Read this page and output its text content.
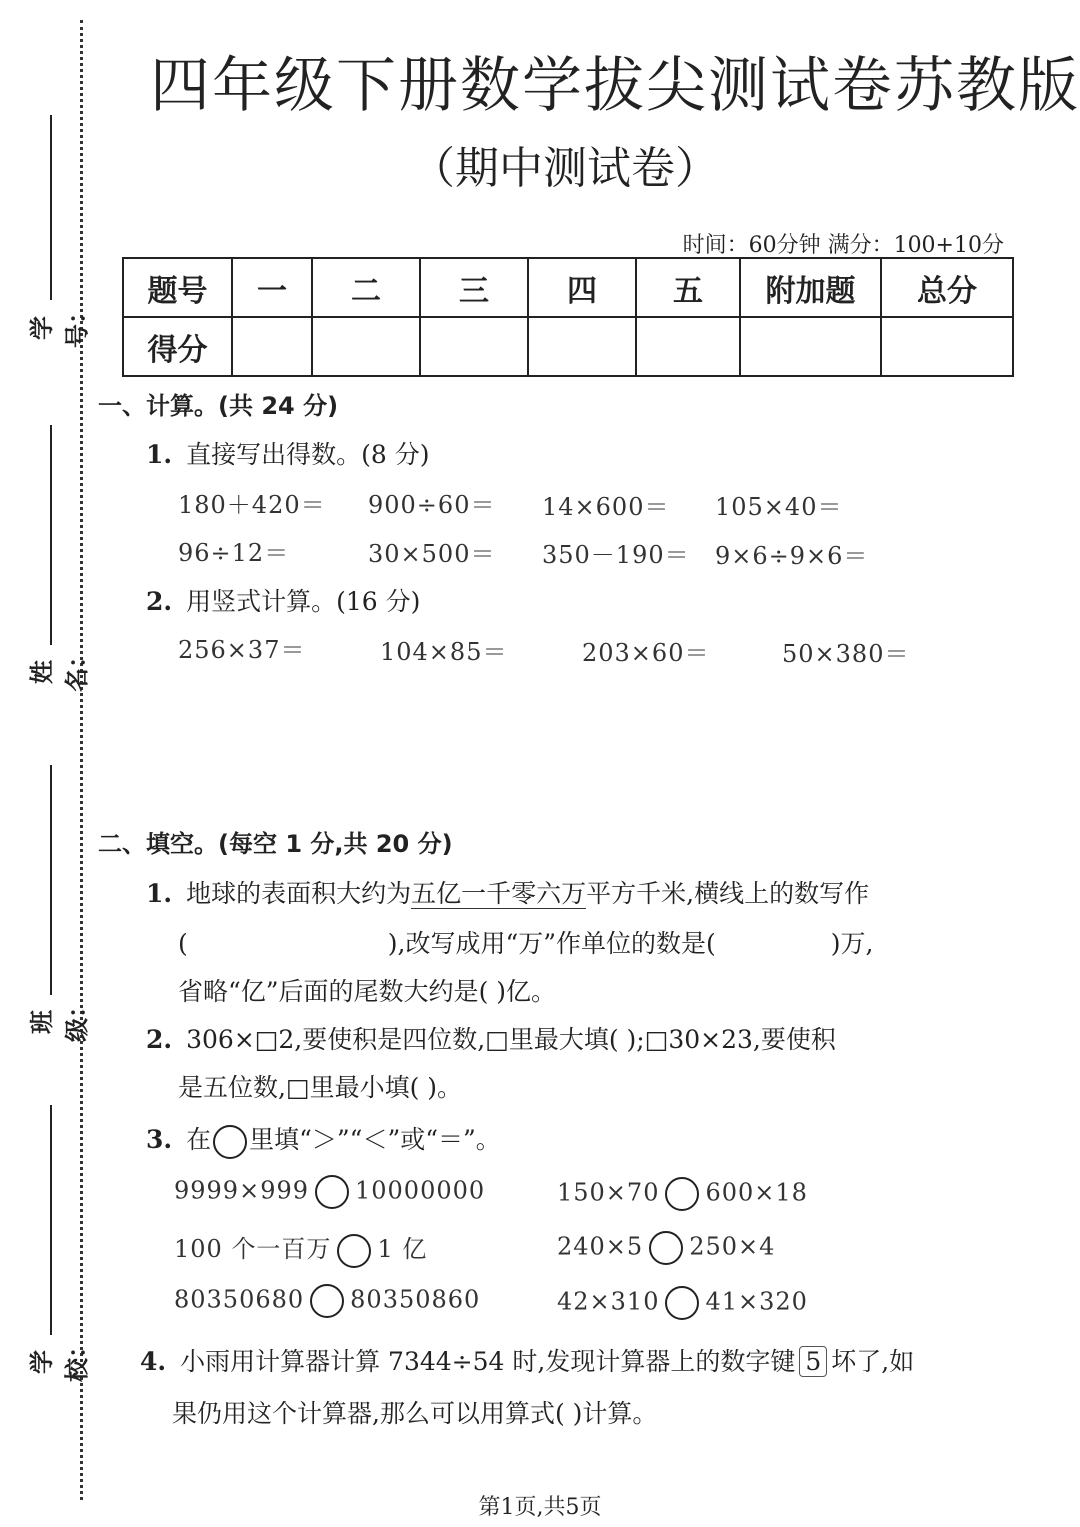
学号：
姓名：
班级：
学校：
四年级下册数学拔尖测试卷苏教版
（期中测试卷）
时间：60分钟 满分：100+10分
题号	一	二	三	四	五	附加题	总分
得分							
一、计算。(共 24 分)
1. 直接写出得数。(8 分)
180＋420＝ 900÷60＝ 14×600＝ 105×40＝
96÷12＝	30×500＝ 350－190＝ 9×6÷9×6＝
2. 用竖式计算。(16 分)
256×37＝	104×85＝	203×60＝	50×380＝
二、填空。(每空 1 分,共 20 分)
1. 地球的表面积大约为五亿一千零六万平方千米,横线上的数写作
(	),改写成用“万”作单位的数是(	)万,
省略“亿”后面的尾数大约是( )亿。
2. 306×□2,要使积是四位数,□里最大填( );□30×23,要使积
是五位数,□里最小填( )。
3. 在 里填“＞”“＜”或“＝”。
9999×999 10000000	150×70 600×18
100 个一百万 1 亿	240×5 250×4
80350680 80350860	42×310 41×320
4. 小雨用计算器计算 7344÷54 时,发现计算器上的数字键 5 坏了,如
果仍用这个计算器,那么可以用算式( )计算。
第1页,共5页
